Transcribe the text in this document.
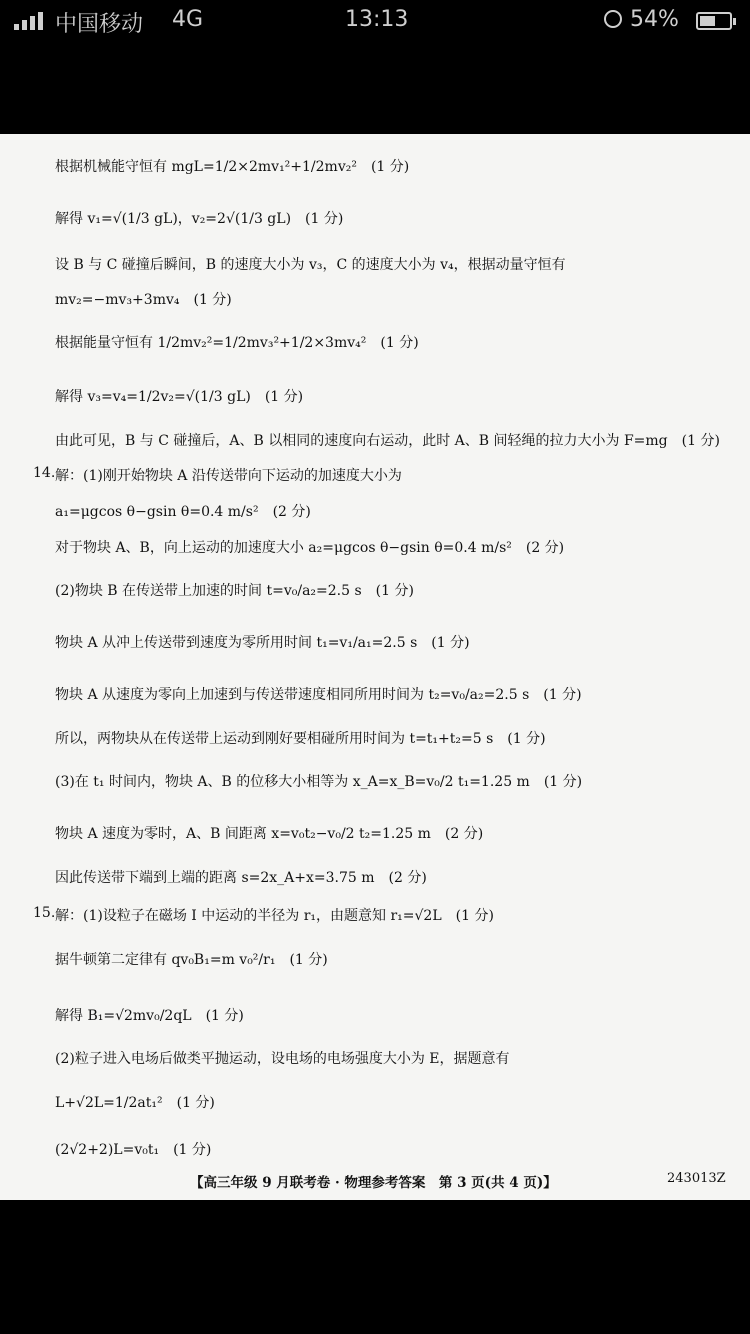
中国移动 4G	13:13	54%
根据机械能守恒有 mgL=1/2×2mv₁²+1/2mv₂²　(1 分)
解得 v₁=√(1/3 gL)，v₂=2√(1/3 gL)　(1 分)
设 B 与 C 碰撞后瞬间，B 的速度大小为 v₃，C 的速度大小为 v₄，根据动量守恒有
mv₂=−mv₃+3mv₄　(1 分)
根据能量守恒有 1/2mv₂²=1/2mv₃²+1/2×3mv₄²　(1 分)
解得 v₃=v₄=1/2v₂=√(1/3 gL)　(1 分)
由此可见，B 与 C 碰撞后，A、B 以相同的速度向右运动，此时 A、B 间轻绳的拉力大小为 F=mg　(1 分)
14. 解：(1)刚开始物块 A 沿传送带向下运动的加速度大小为
a₁=μgcos θ−gsin θ=0.4 m/s²　(2 分)
对于物块 A、B，向上运动的加速度大小 a₂=μgcos θ−gsin θ=0.4 m/s²　(2 分)
(2)物块 B 在传送带上加速的时间 t=v₀/a₂=2.5 s　(1 分)
物块 A 从冲上传送带到速度为零所用时间 t₁=v₁/a₁=2.5 s　(1 分)
物块 A 从速度为零向上加速到与传送带速度相同所用时间为 t₂=v₀/a₂=2.5 s　(1 分)
所以，两物块从在传送带上运动到刚好要相碰所用时间为 t=t₁+t₂=5 s　(1 分)
(3)在 t₁ 时间内，物块 A、B 的位移大小相等为 x_A=x_B=v₀/2 t₁=1.25 m　(1 分)
物块 A 速度为零时，A、B 间距离 x=v₀t₂−v₀/2 t₂=1.25 m　(2 分)
因此传送带下端到上端的距离 s=2x_A+x=3.75 m　(2 分)
15. 解：(1)设粒子在磁场 Ⅰ 中运动的半径为 r₁，由题意知 r₁=√2L　(1 分)
据牛顿第二定律有 qv₀B₁=m v₀²/r₁　(1 分)
解得 B₁=√2mv₀/2qL　(1 分)
(2)粒子进入电场后做类平抛运动，设电场的电场强度大小为 E，据题意有
L+√2L=1/2at₁²　(1 分)
(2√2+2)L=v₀t₁　(1 分)
【高三年级 9 月联考卷 · 物理参考答案　第 3 页(共 4 页)】	243013Z
